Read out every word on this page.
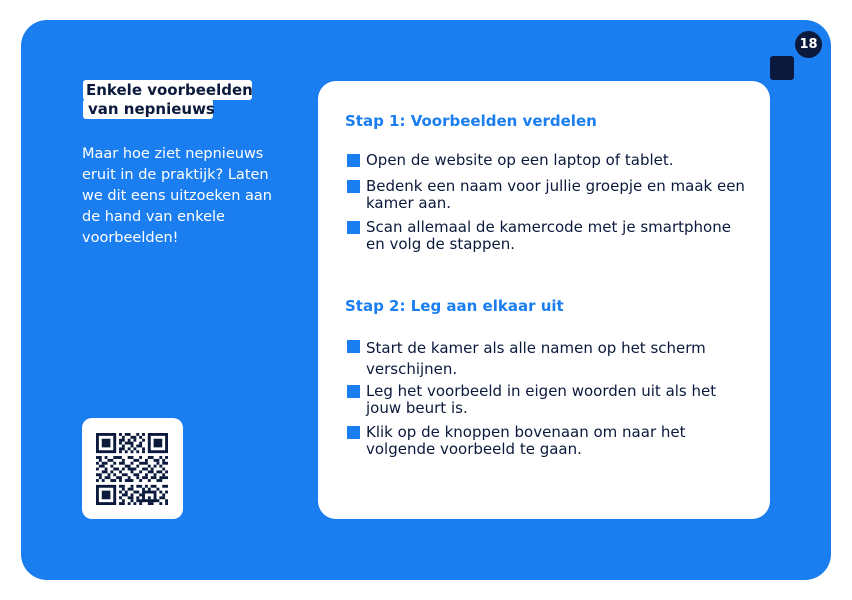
18
Enkele voorbeelden
van nepnieuws

Maar hoe ziet nepnieuws eruit in de praktijk? Laten we dit eens uitzoeken aan de hand van enkele voorbeelden!

Stap 1: Voorbeelden verdelen
Open de website op een laptop of tablet.
Bedenk een naam voor jullie groepje en maak een kamer aan.
Scan allemaal de kamercode met je smartphone en volg de stappen.
Stap 2: Leg aan elkaar uit
Start de kamer als alle namen op het scherm verschijnen.
Leg het voorbeeld in eigen woorden uit als het jouw beurt is.
Klik op de knoppen bovenaan om naar het volgende voorbeeld te gaan.
